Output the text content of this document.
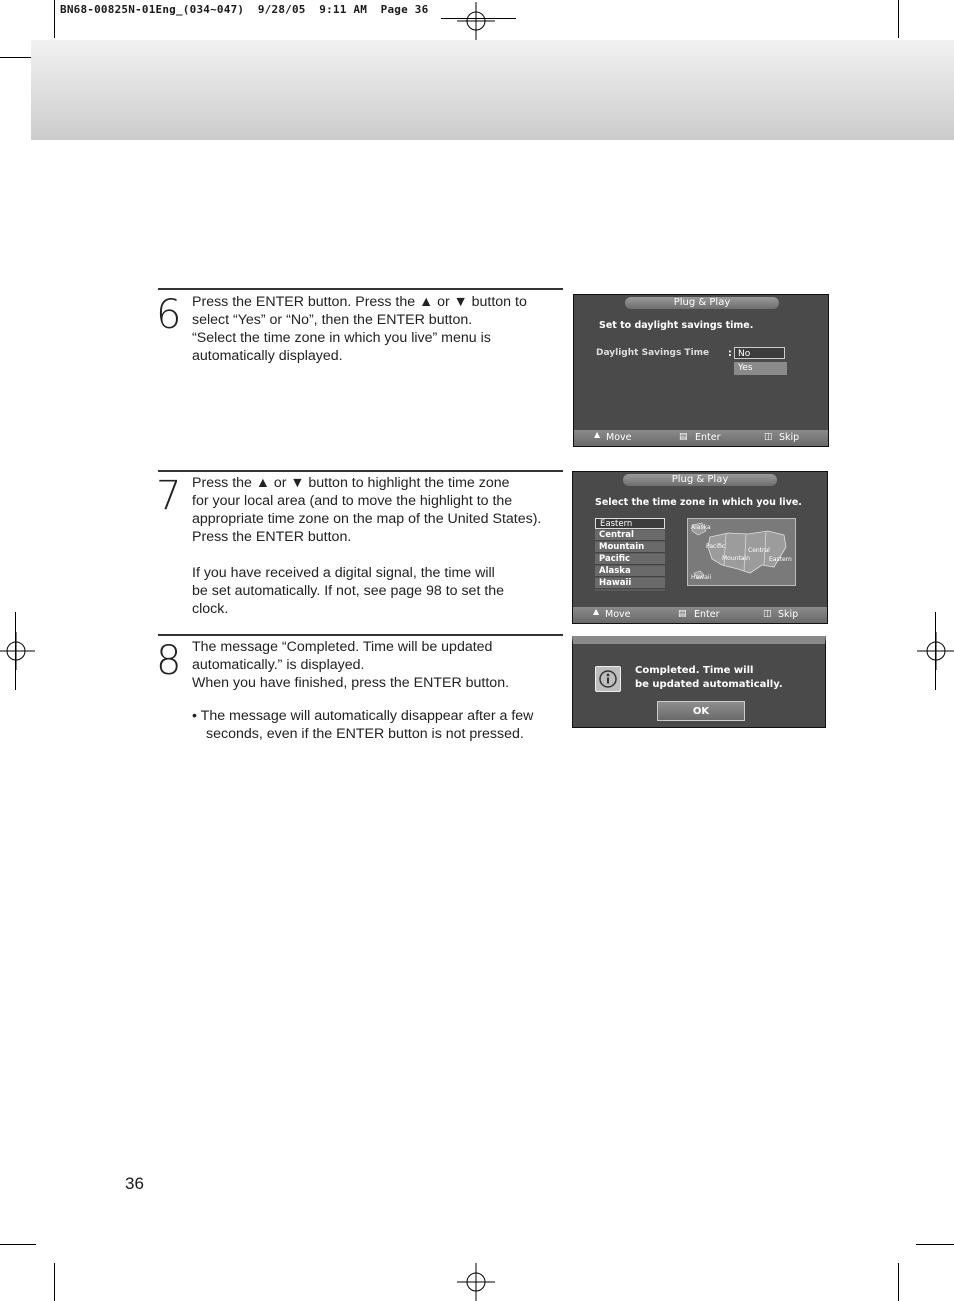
BN68-00825N-01Eng_(034~047)  9/28/05  9:11 AM  Page 36
6 Press the ENTER button. Press the ▲ or ▼ button to

select “Yes” or “No”, then the ENTER button.

“Select the time zone in which you live” menu is

automatically displayed.

Plug & Play
Set to daylight savings time.
Daylight Savings Time : No
Yes
▲ Move	▤ Enter	◫ Skip
7 Press the ▲ or ▼ button to highlight the time zone

for your local area (and to move the highlight to the

appropriate time zone on the map of the United States).

Press the ENTER button.

If you have received a digital signal, the time will

be set automatically. If not, see page 98 to set the

clock.

Plug & Play
Select the time zone in which you live.
Eastern
Central
Mountain
Pacific
Alaska
Hawaii
Alaska
Pacific
Mountain
Central
Eastern
Hawaii
▲ Move	▤ Enter	◫ Skip
8 The message “Completed. Time will be updated

automatically.” is displayed.

When you have finished, press the ENTER button.

• The message will automatically disappear after a few

seconds, even if the ENTER button is not pressed.

Completed. Time will
be updated automatically.
OK
36
